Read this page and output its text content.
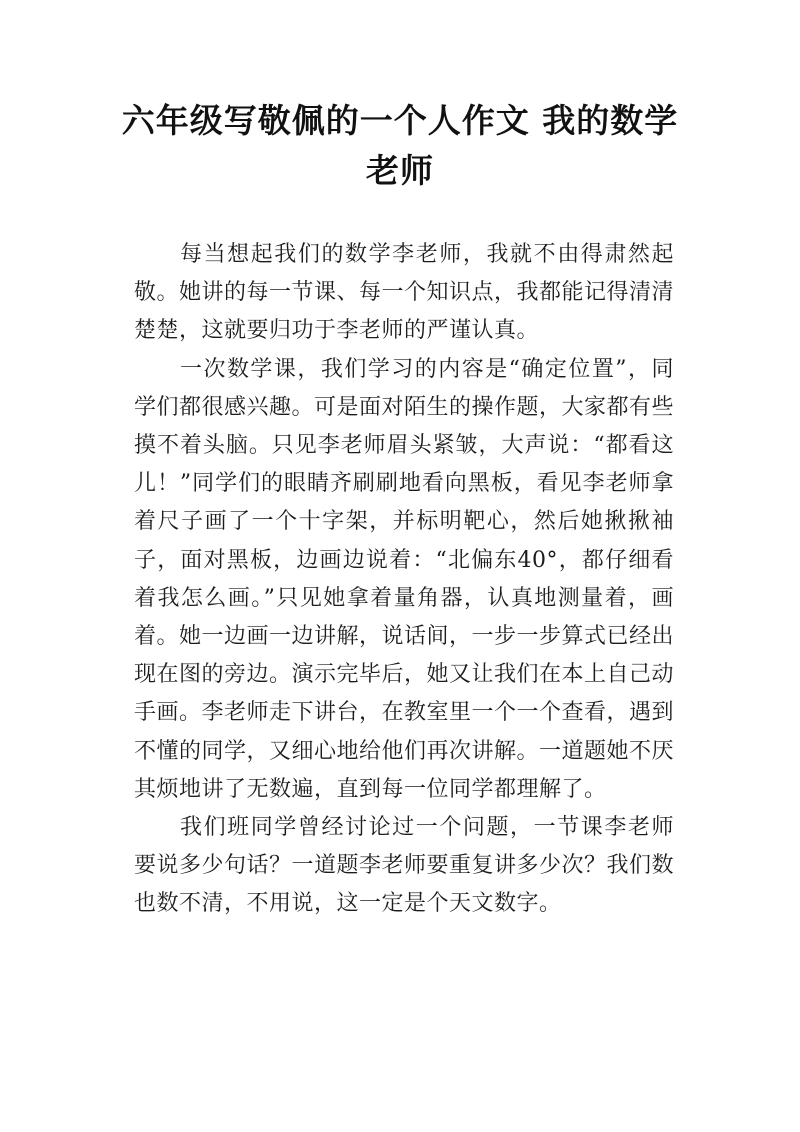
六年级写敬佩的一个人作文 我的数学
老师

每当想起我们的数学李老师，我就不由得肃然起敬。她讲的每一节课、每一个知识点，我都能记得清清楚楚，这就要归功于李老师的严谨认真。

一次数学课，我们学习的内容是“确定位置”，同学们都很感兴趣。可是面对陌生的操作题，大家都有些摸不着头脑。只见李老师眉头紧皱，大声说：“都看这儿！”同学们的眼睛齐刷刷地看向黑板，看见李老师拿着尺子画了一个十字架，并标明靶心，然后她揪揪袖子，面对黑板，边画边说着：“北偏东40°，都仔细看着我怎么画。”只见她拿着量角器，认真地测量着，画着。她一边画一边讲解，说话间，一步一步算式已经出现在图的旁边。演示完毕后，她又让我们在本上自己动手画。李老师走下讲台，在教室里一个一个查看，遇到不懂的同学，又细心地给他们再次讲解。一道题她不厌其烦地讲了无数遍，直到每一位同学都理解了。

我们班同学曾经讨论过一个问题，一节课李老师要说多少句话？一道题李老师要重复讲多少次？我们数也数不清，不用说，这一定是个天文数字。
